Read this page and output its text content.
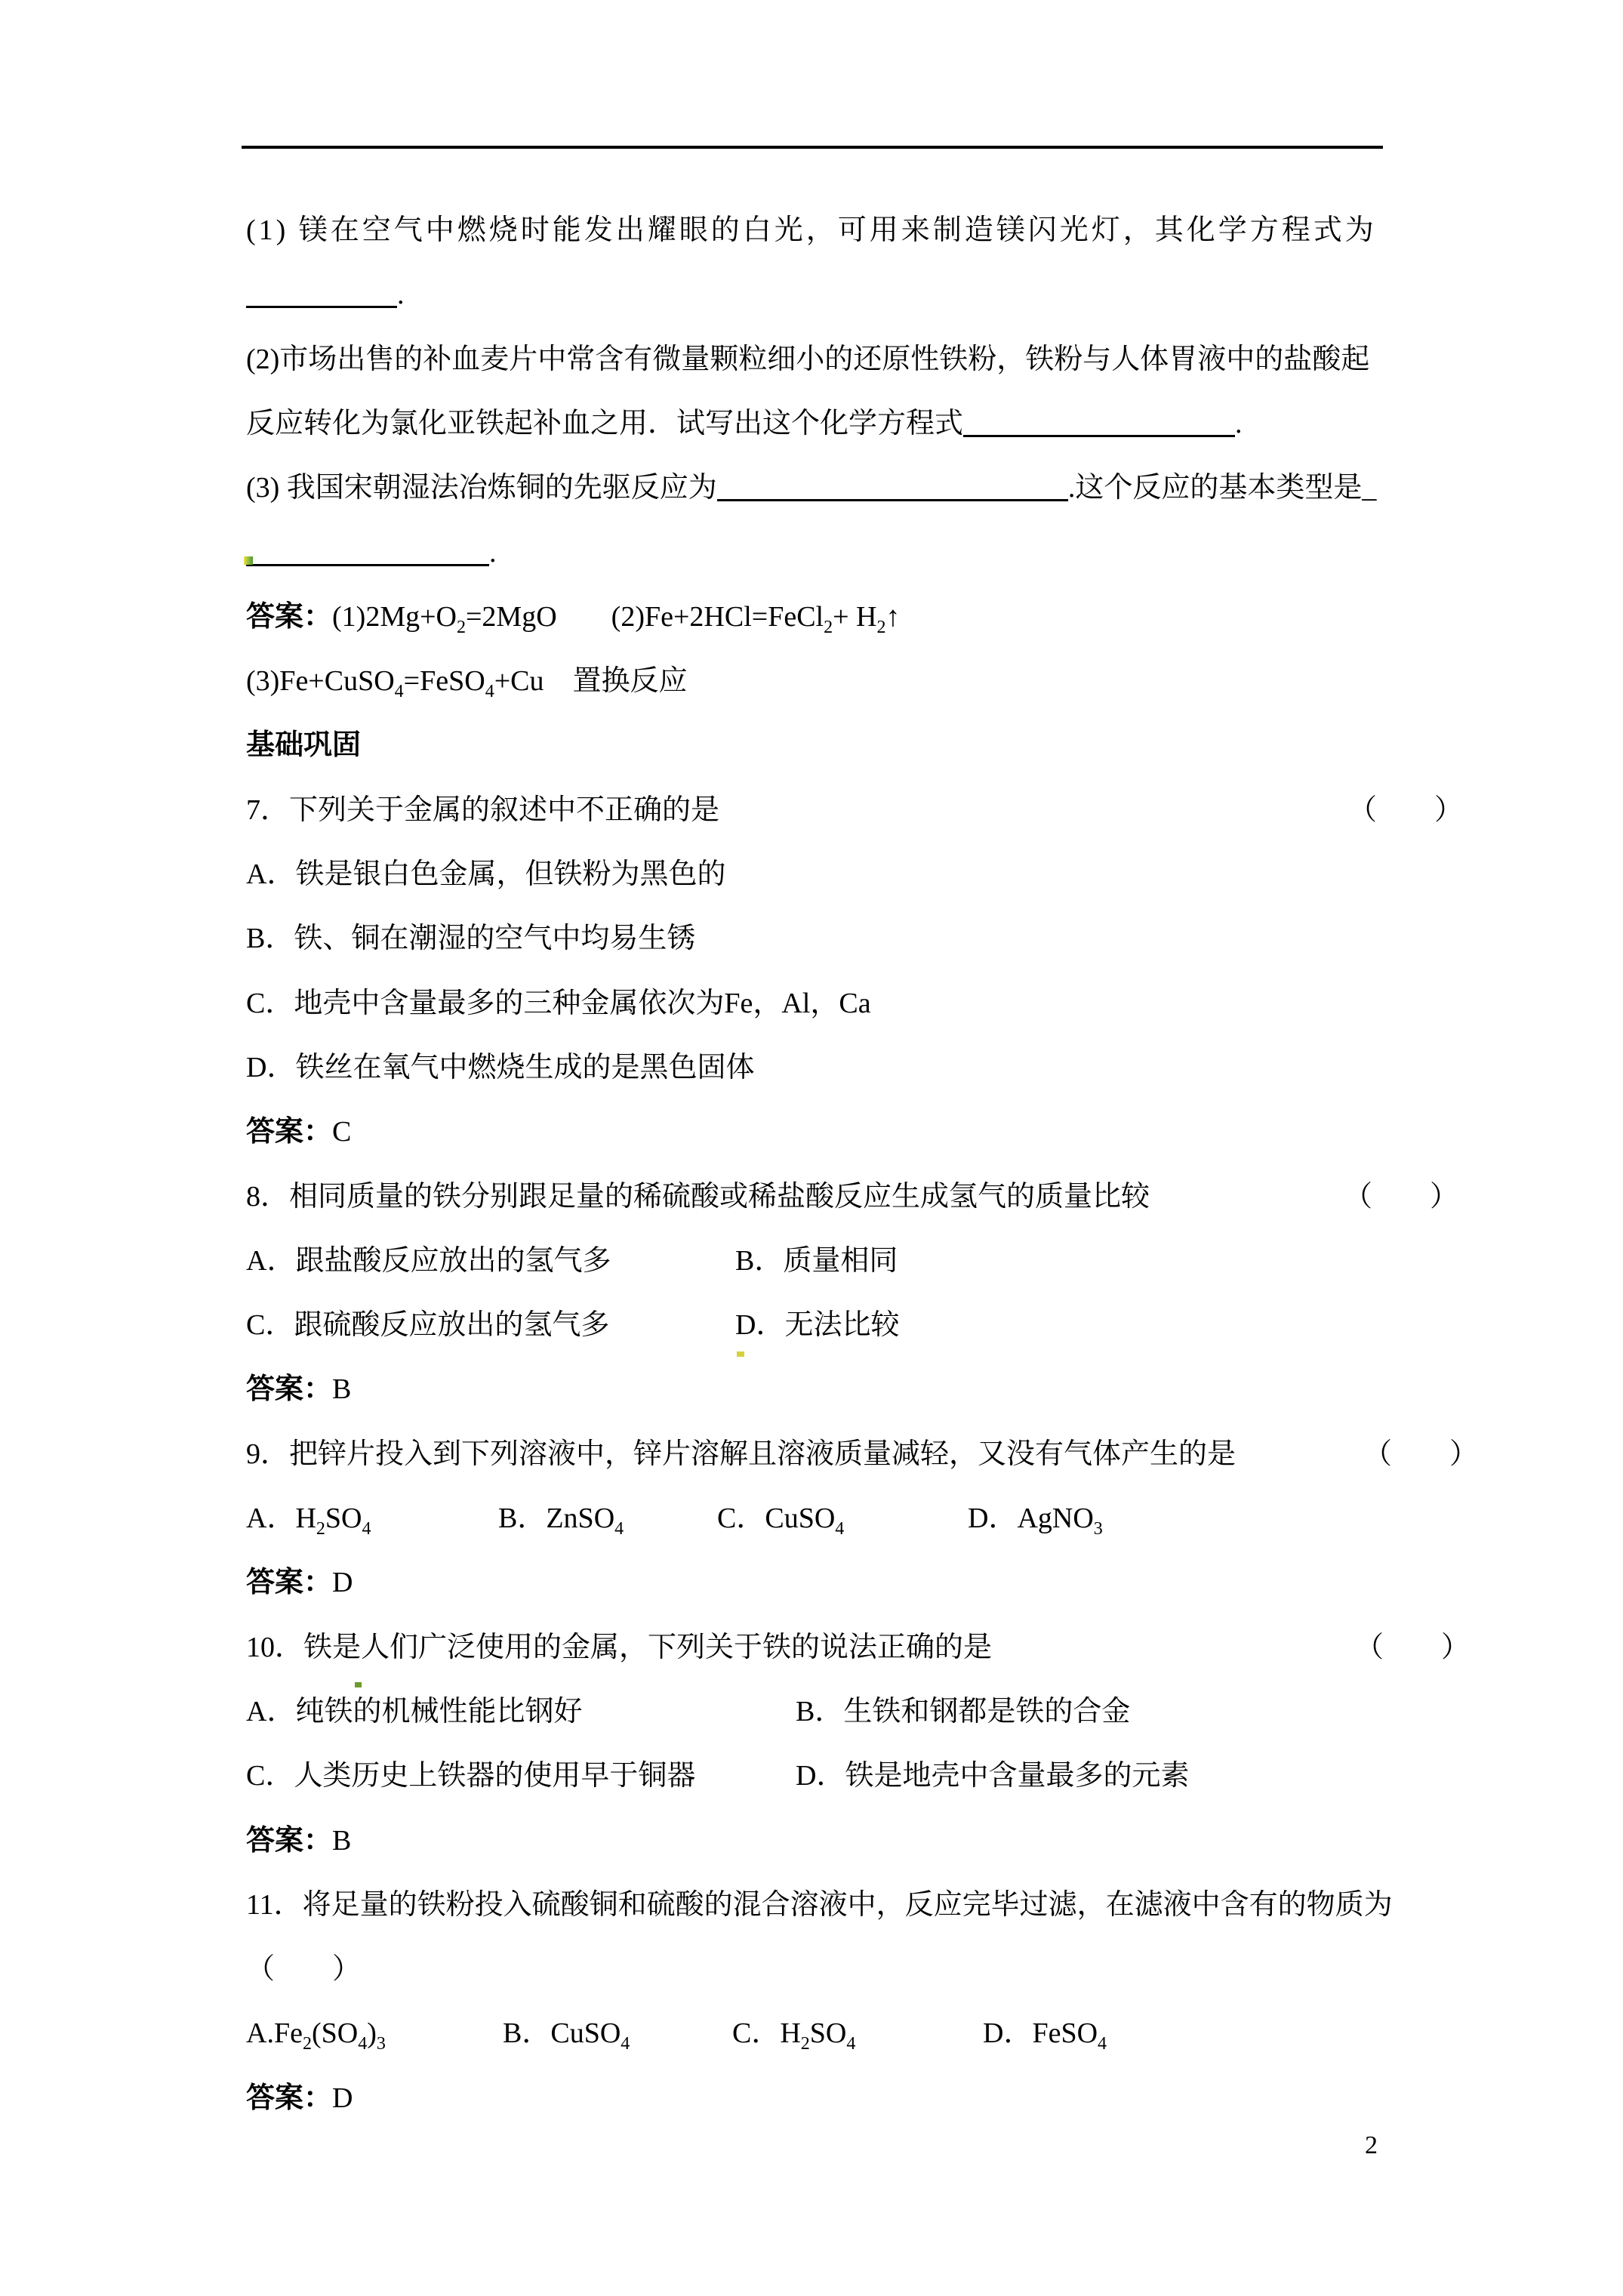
(1) 镁在空气中燃烧时能发出耀眼的白光，可用来制造镁闪光灯，其化学方程式为
.
(2)市场出售的补血麦片中常含有微量颗粒细小的还原性铁粉，铁粉与人体胃液中的盐酸起
反应转化为氯化亚铁起补血之用．试写出这个化学方程式	.
(3) 我国宋朝湿法冶炼铜的先驱反应为	.这个反应的基本类型是_
.
答案：$(1)2Mg+O_2=2MgO$ (2)Fe+2HCl=FeCl$_2$+ $H_2↑$
(3)Fe+CuSO$_4$=FeSO$_4$+Cu　置换反应
基础巩固
7．下列关于金属的叙述中不正确的是	（　　）
A．铁是银白色金属，但铁粉为黑色的
B．铁、铜在潮湿的空气中均易生锈
C．地壳中含量最多的三种金属依次为Fe，Al，Ca
D．铁丝在氧气中燃烧生成的是黑色固体
答案：C
8．相同质量的铁分别跟足量的稀硫酸或稀盐酸反应生成氢气的质量比较	（　　）
A．跟盐酸反应放出的氢气多	B．质量相同
C．跟硫酸反应放出的氢气多	D．无法比较
答案：B
9．把锌片投入到下列溶液中，锌片溶解且溶液质量减轻，又没有气体产生的是	（　　）
A．$H_2SO_4$	B．ZnSO$_4$	C．CuSO$_4$	D．AgNO$_3$
答案：D
10．铁是人们广泛使用的金属，下列关于铁的说法正确的是	（　　）
A．纯铁的机械性能比钢好	B．生铁和钢都是铁的合金
C．人类历史上铁器的使用早于铜器	D．铁是地壳中含量最多的元素
答案：B
11．将足量的铁粉投入硫酸铜和硫酸的混合溶液中，反应完毕过滤，在滤液中含有的物质为
（　　）
$A.Fe_2(SO_4)_3$	B．CuSO$_4$	C．$H_2SO_4$	D．FeSO$_4$
答案：D
2
